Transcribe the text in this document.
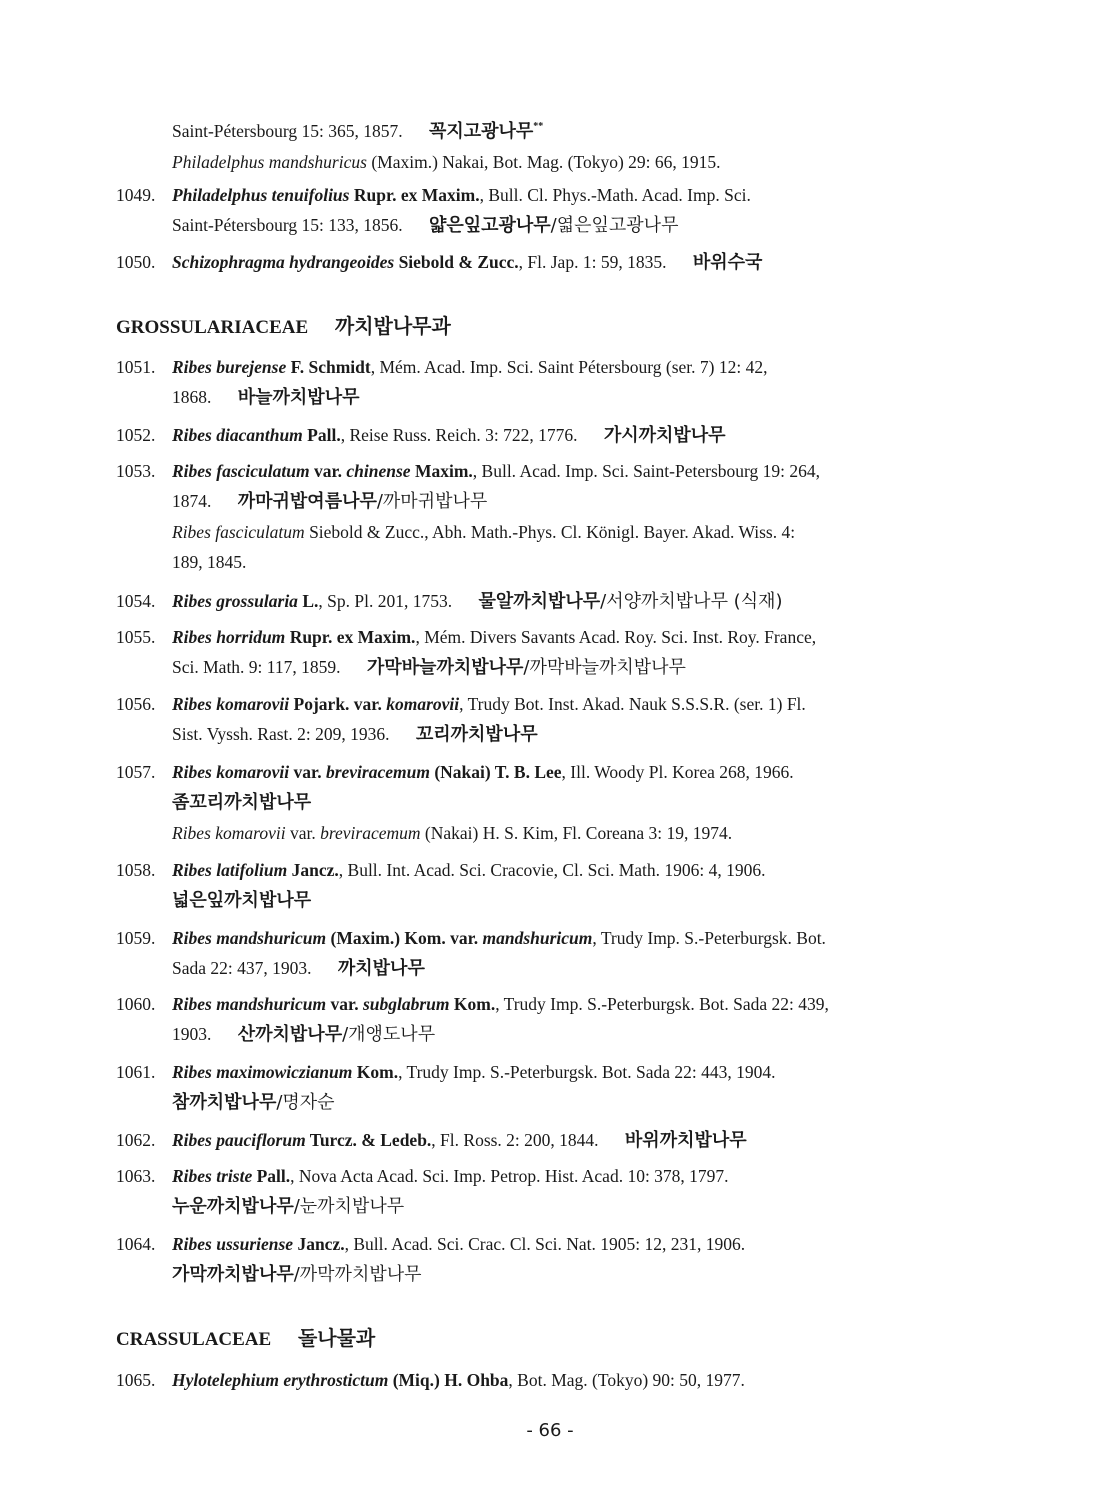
Saint-Pétersbourg 15: 365, 1857. 꼭지고광나무**

Philadelphus mandshuricus (Maxim.) Nakai, Bot. Mag. (Tokyo) 29: 66, 1915.

1049. Philadelphus tenuifolius Rupr. ex Maxim., Bull. Cl. Phys.-Math. Acad. Imp. Sci.

Saint-Pétersbourg 15: 133, 1856. 얇은잎고광나무/엷은잎고광나무

1050. Schizophragma hydrangeoides Siebold & Zucc., Fl. Jap. 1: 59, 1835. 바위수국

GROSSULARIACEAE 까치밥나무과
1051. Ribes burejense F. Schmidt, Mém. Acad. Imp. Sci. Saint Pétersbourg (ser. 7) 12: 42,

1868. 바늘까치밥나무

1052. Ribes diacanthum Pall., Reise Russ. Reich. 3: 722, 1776. 가시까치밥나무

1053. Ribes fasciculatum var. chinense Maxim., Bull. Acad. Imp. Sci. Saint-Petersbourg 19: 264,

1874. 까마귀밥여름나무/까마귀밥나무

Ribes fasciculatum Siebold & Zucc., Abh. Math.-Phys. Cl. Königl. Bayer. Akad. Wiss. 4:

189, 1845.

1054. Ribes grossularia L., Sp. Pl. 201, 1753. 물알까치밥나무/서양까치밥나무 (식재)

1055. Ribes horridum Rupr. ex Maxim., Mém. Divers Savants Acad. Roy. Sci. Inst. Roy. France,

Sci. Math. 9: 117, 1859. 가막바늘까치밥나무/까막바늘까치밥나무

1056. Ribes komarovii Pojark. var. komarovii, Trudy Bot. Inst. Akad. Nauk S.S.S.R. (ser. 1) Fl.

Sist. Vyssh. Rast. 2: 209, 1936. 꼬리까치밥나무

1057. Ribes komarovii var. breviracemum (Nakai) T. B. Lee, Ill. Woody Pl. Korea 268, 1966.

좀꼬리까치밥나무

Ribes komarovii var. breviracemum (Nakai) H. S. Kim, Fl. Coreana 3: 19, 1974.

1058. Ribes latifolium Jancz., Bull. Int. Acad. Sci. Cracovie, Cl. Sci. Math. 1906: 4, 1906.

넓은잎까치밥나무

1059. Ribes mandshuricum (Maxim.) Kom. var. mandshuricum, Trudy Imp. S.-Peterburgsk. Bot.

Sada 22: 437, 1903. 까치밥나무

1060. Ribes mandshuricum var. subglabrum Kom., Trudy Imp. S.-Peterburgsk. Bot. Sada 22: 439,

1903. 산까치밥나무/개앵도나무

1061. Ribes maximowiczianum Kom., Trudy Imp. S.-Peterburgsk. Bot. Sada 22: 443, 1904.

참까치밥나무/명자순

1062. Ribes pauciflorum Turcz. & Ledeb., Fl. Ross. 2: 200, 1844. 바위까치밥나무

1063. Ribes triste Pall., Nova Acta Acad. Sci. Imp. Petrop. Hist. Acad. 10: 378, 1797.

누운까치밥나무/눈까치밥나무

1064. Ribes ussuriense Jancz., Bull. Acad. Sci. Crac. Cl. Sci. Nat. 1905: 12, 231, 1906.

가막까치밥나무/까막까치밥나무

CRASSULACEAE 돌나물과
1065. Hylotelephium erythrostictum (Miq.) H. Ohba, Bot. Mag. (Tokyo) 90: 50, 1977.

- 66 -
